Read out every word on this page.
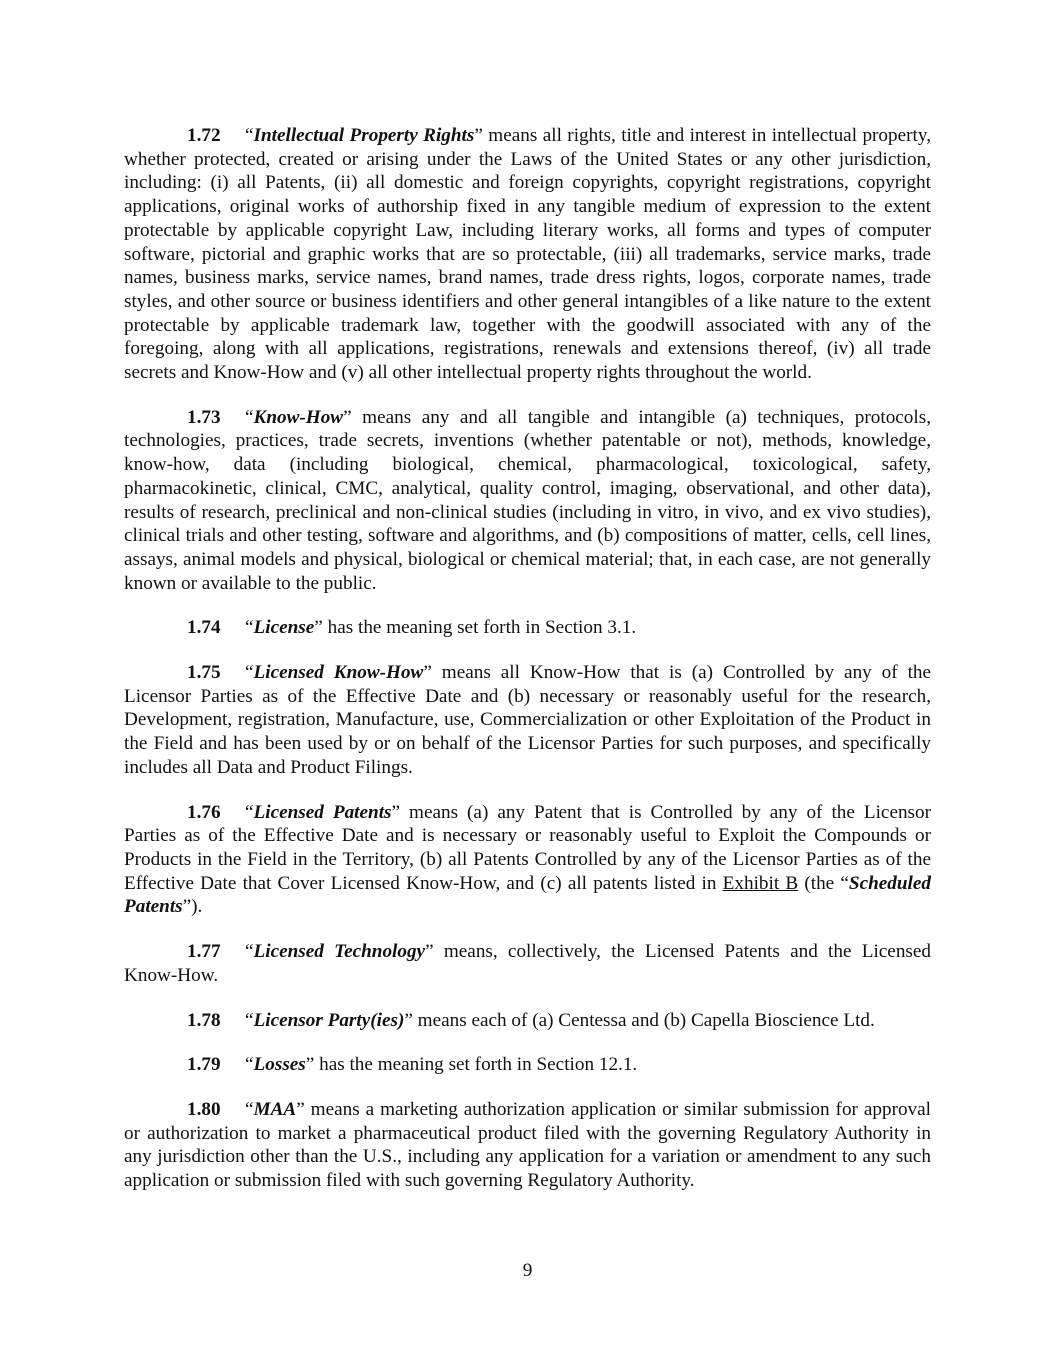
1.72 “Intellectual Property Rights” means all rights, title and interest in intellectual property, whether protected, created or arising under the Laws of the United States or any other jurisdiction, including: (i) all Patents, (ii) all domestic and foreign copyrights, copyright registrations, copyright applications, original works of authorship fixed in any tangible medium of expression to the extent protectable by applicable copyright Law, including literary works, all forms and types of computer software, pictorial and graphic works that are so protectable, (iii) all trademarks, service marks, trade names, business marks, service names, brand names, trade dress rights, logos, corporate names, trade styles, and other source or business identifiers and other general intangibles of a like nature to the extent protectable by applicable trademark law, together with the goodwill associated with any of the foregoing, along with all applications, registrations, renewals and extensions thereof, (iv) all trade secrets and Know-How and (v) all other intellectual property rights throughout the world.

1.73 “Know-How” means any and all tangible and intangible (a) techniques, protocols, technologies, practices, trade secrets, inventions (whether patentable or not), methods, knowledge, know-how, data (including biological, chemical, pharmacological, toxicological, safety, pharmacokinetic, clinical, CMC, analytical, quality control, imaging, observational, and other data), results of research, preclinical and non-clinical studies (including in vitro, in vivo, and ex vivo studies), clinical trials and other testing, software and algorithms, and (b) compositions of matter, cells, cell lines, assays, animal models and physical, biological or chemical material; that, in each case, are not generally known or available to the public.

1.74 “License” has the meaning set forth in Section 3.1.

1.75 “Licensed Know-How” means all Know-How that is (a) Controlled by any of the Licensor Parties as of the Effective Date and (b) necessary or reasonably useful for the research, Development, registration, Manufacture, use, Commercialization or other Exploitation of the Product in the Field and has been used by or on behalf of the Licensor Parties for such purposes, and specifically includes all Data and Product Filings.

1.76 “Licensed Patents” means (a) any Patent that is Controlled by any of the Licensor Parties as of the Effective Date and is necessary or reasonably useful to Exploit the Compounds or Products in the Field in the Territory, (b) all Patents Controlled by any of the Licensor Parties as of the Effective Date that Cover Licensed Know-How, and (c) all patents listed in Exhibit B (the “Scheduled Patents”).

1.77 “Licensed Technology” means, collectively, the Licensed Patents and the Licensed Know-How.

1.78 “Licensor Party(ies)” means each of (a) Centessa and (b) Capella Bioscience Ltd.

1.79 “Losses” has the meaning set forth in Section 12.1.

1.80 “MAA” means a marketing authorization application or similar submission for approval or authorization to market a pharmaceutical product filed with the governing Regulatory Authority in any jurisdiction other than the U.S., including any application for a variation or amendment to any such application or submission filed with such governing Regulatory Authority.

9
